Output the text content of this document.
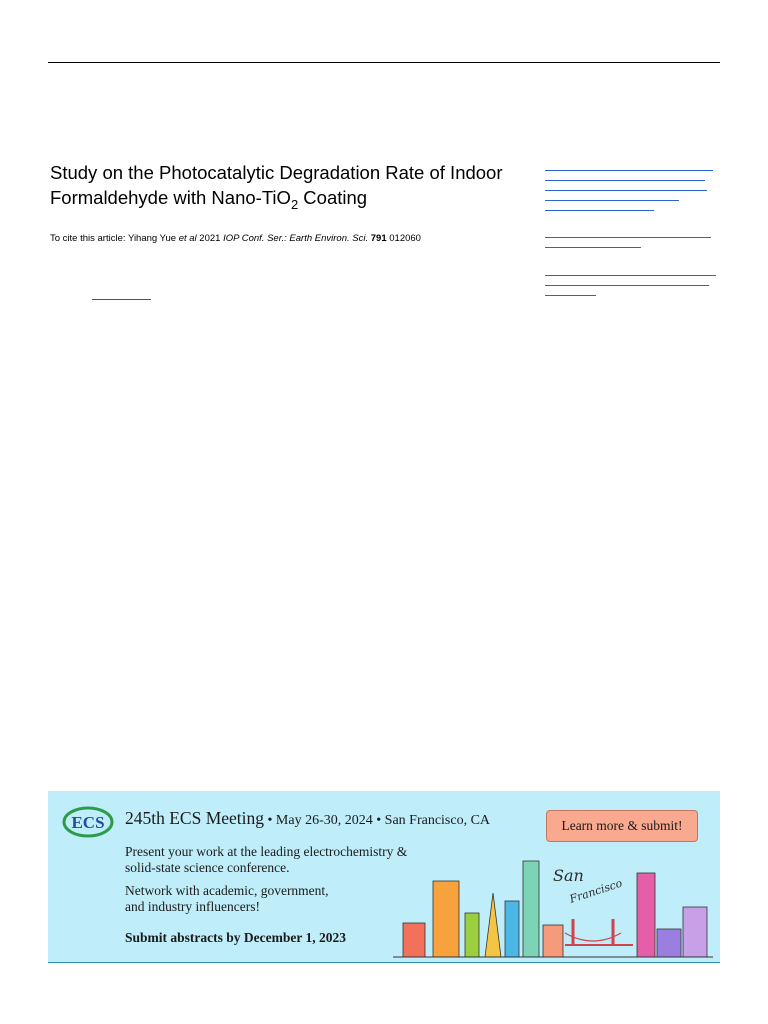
Study on the Photocatalytic Degradation Rate of Indoor Formaldehyde with Nano-TiO$_2$ Coating
To cite this article: Yihang Yue et al 2021 IOP Conf. Ser.: Earth Environ. Sci. 791 012060
ECS 245th ECS Meeting • May 26-30, 2024 • San Francisco, CA
Present your work at the leading electrochemistry &
solid-state science conference.
Network with academic, government,
and industry influencers!
Submit abstracts by December 1, 2023
Learn more & submit!
San
Francisco
